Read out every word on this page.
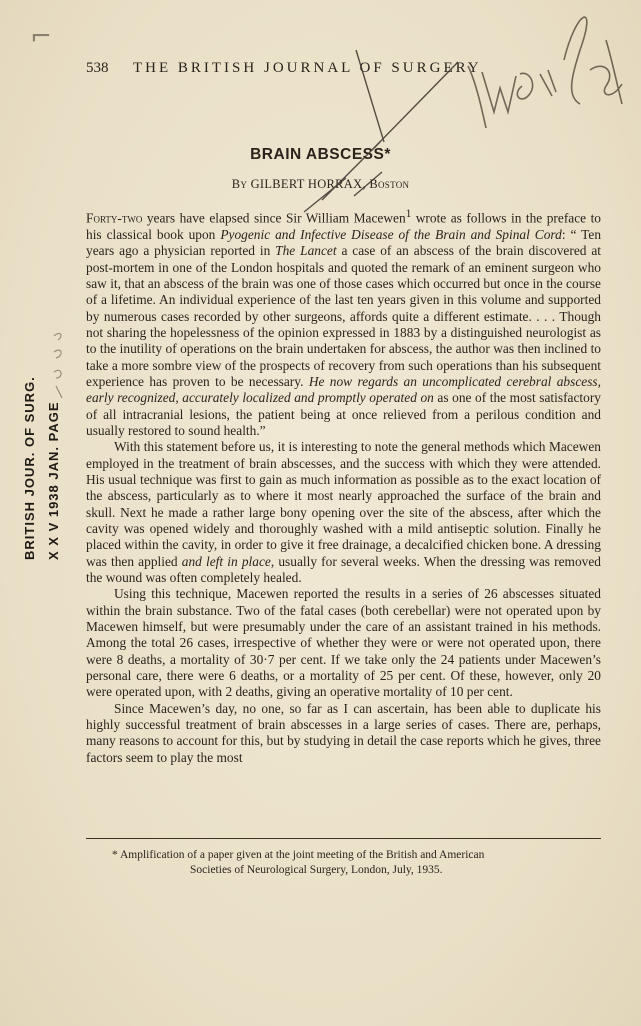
⌐
538 THE BRITISH JOURNAL OF SURGERY
BRAIN ABSCESS*
By GILBERT HORRAX, Boston

Forty-two years have elapsed since Sir William Macewen$^1$ wrote as follows in the preface to his classical book upon Pyogenic and Infective Disease of the Brain and Spinal Cord: “ Ten years ago a physician reported in The Lancet a case of an abscess of the brain discovered at post-mortem in one of the London hospitals and quoted the remark of an eminent surgeon who saw it, that an abscess of the brain was one of those cases which occurred but once in the course of a lifetime. An individual experience of the last ten years given in this volume and supported by numerous cases recorded by other surgeons, affords quite a different estimate. . . . Though not sharing the hopelessness of the opinion expressed in 1883 by a distinguished neurologist as to the inutility of operations on the brain undertaken for abscess, the author was then inclined to take a more sombre view of the prospects of recovery from such operations than his subsequent experience has proven to be necessary. He now regards an uncomplicated cerebral abscess, early recognized, accurately localized and promptly operated on as one of the most satisfactory of all intracranial lesions, the patient being at once relieved from a perilous condition and usually restored to sound health.”

With this statement before us, it is interesting to note the general methods which Macewen employed in the treatment of brain abscesses, and the success with which they were attended. His usual technique was first to gain as much information as possible as to the exact location of the abscess, particularly as to where it most nearly approached the surface of the brain and skull. Next he made a rather large bony opening over the site of the abscess, after which the cavity was opened widely and thoroughly washed with a mild antiseptic solution. Finally he placed within the cavity, in order to give it free drainage, a decalcified chicken bone. A dressing was then applied and left in place, usually for several weeks. When the dressing was removed the wound was often completely healed.

Using this technique, Macewen reported the results in a series of 26 abscesses situated within the brain substance. Two of the fatal cases (both cerebellar) were not operated upon by Macewen himself, but were presumably under the care of an assistant trained in his methods. Among the total 26 cases, irrespective of whether they were or were not operated upon, there were 8 deaths, a mortality of 30·7 per cent. If we take only the 24 patients under Macewen’s personal care, there were 6 deaths, or a mortality of 25 per cent. Of these, however, only 20 were operated upon, with 2 deaths, giving an operative mortality of 10 per cent.

Since Macewen’s day, no one, so far as I can ascertain, has been able to duplicate his highly successful treatment of brain abscesses in a large series of cases. There are, perhaps, many reasons to account for this, but by studying in detail the case reports which he gives, three factors seem to play the most

* Amplification of a paper given at the joint meeting of the British and American
Societies of Neurological Surgery, London, July, 1935.
BRITISH JOUR. OF SURG. X X V 1938 JAN. PAGE
